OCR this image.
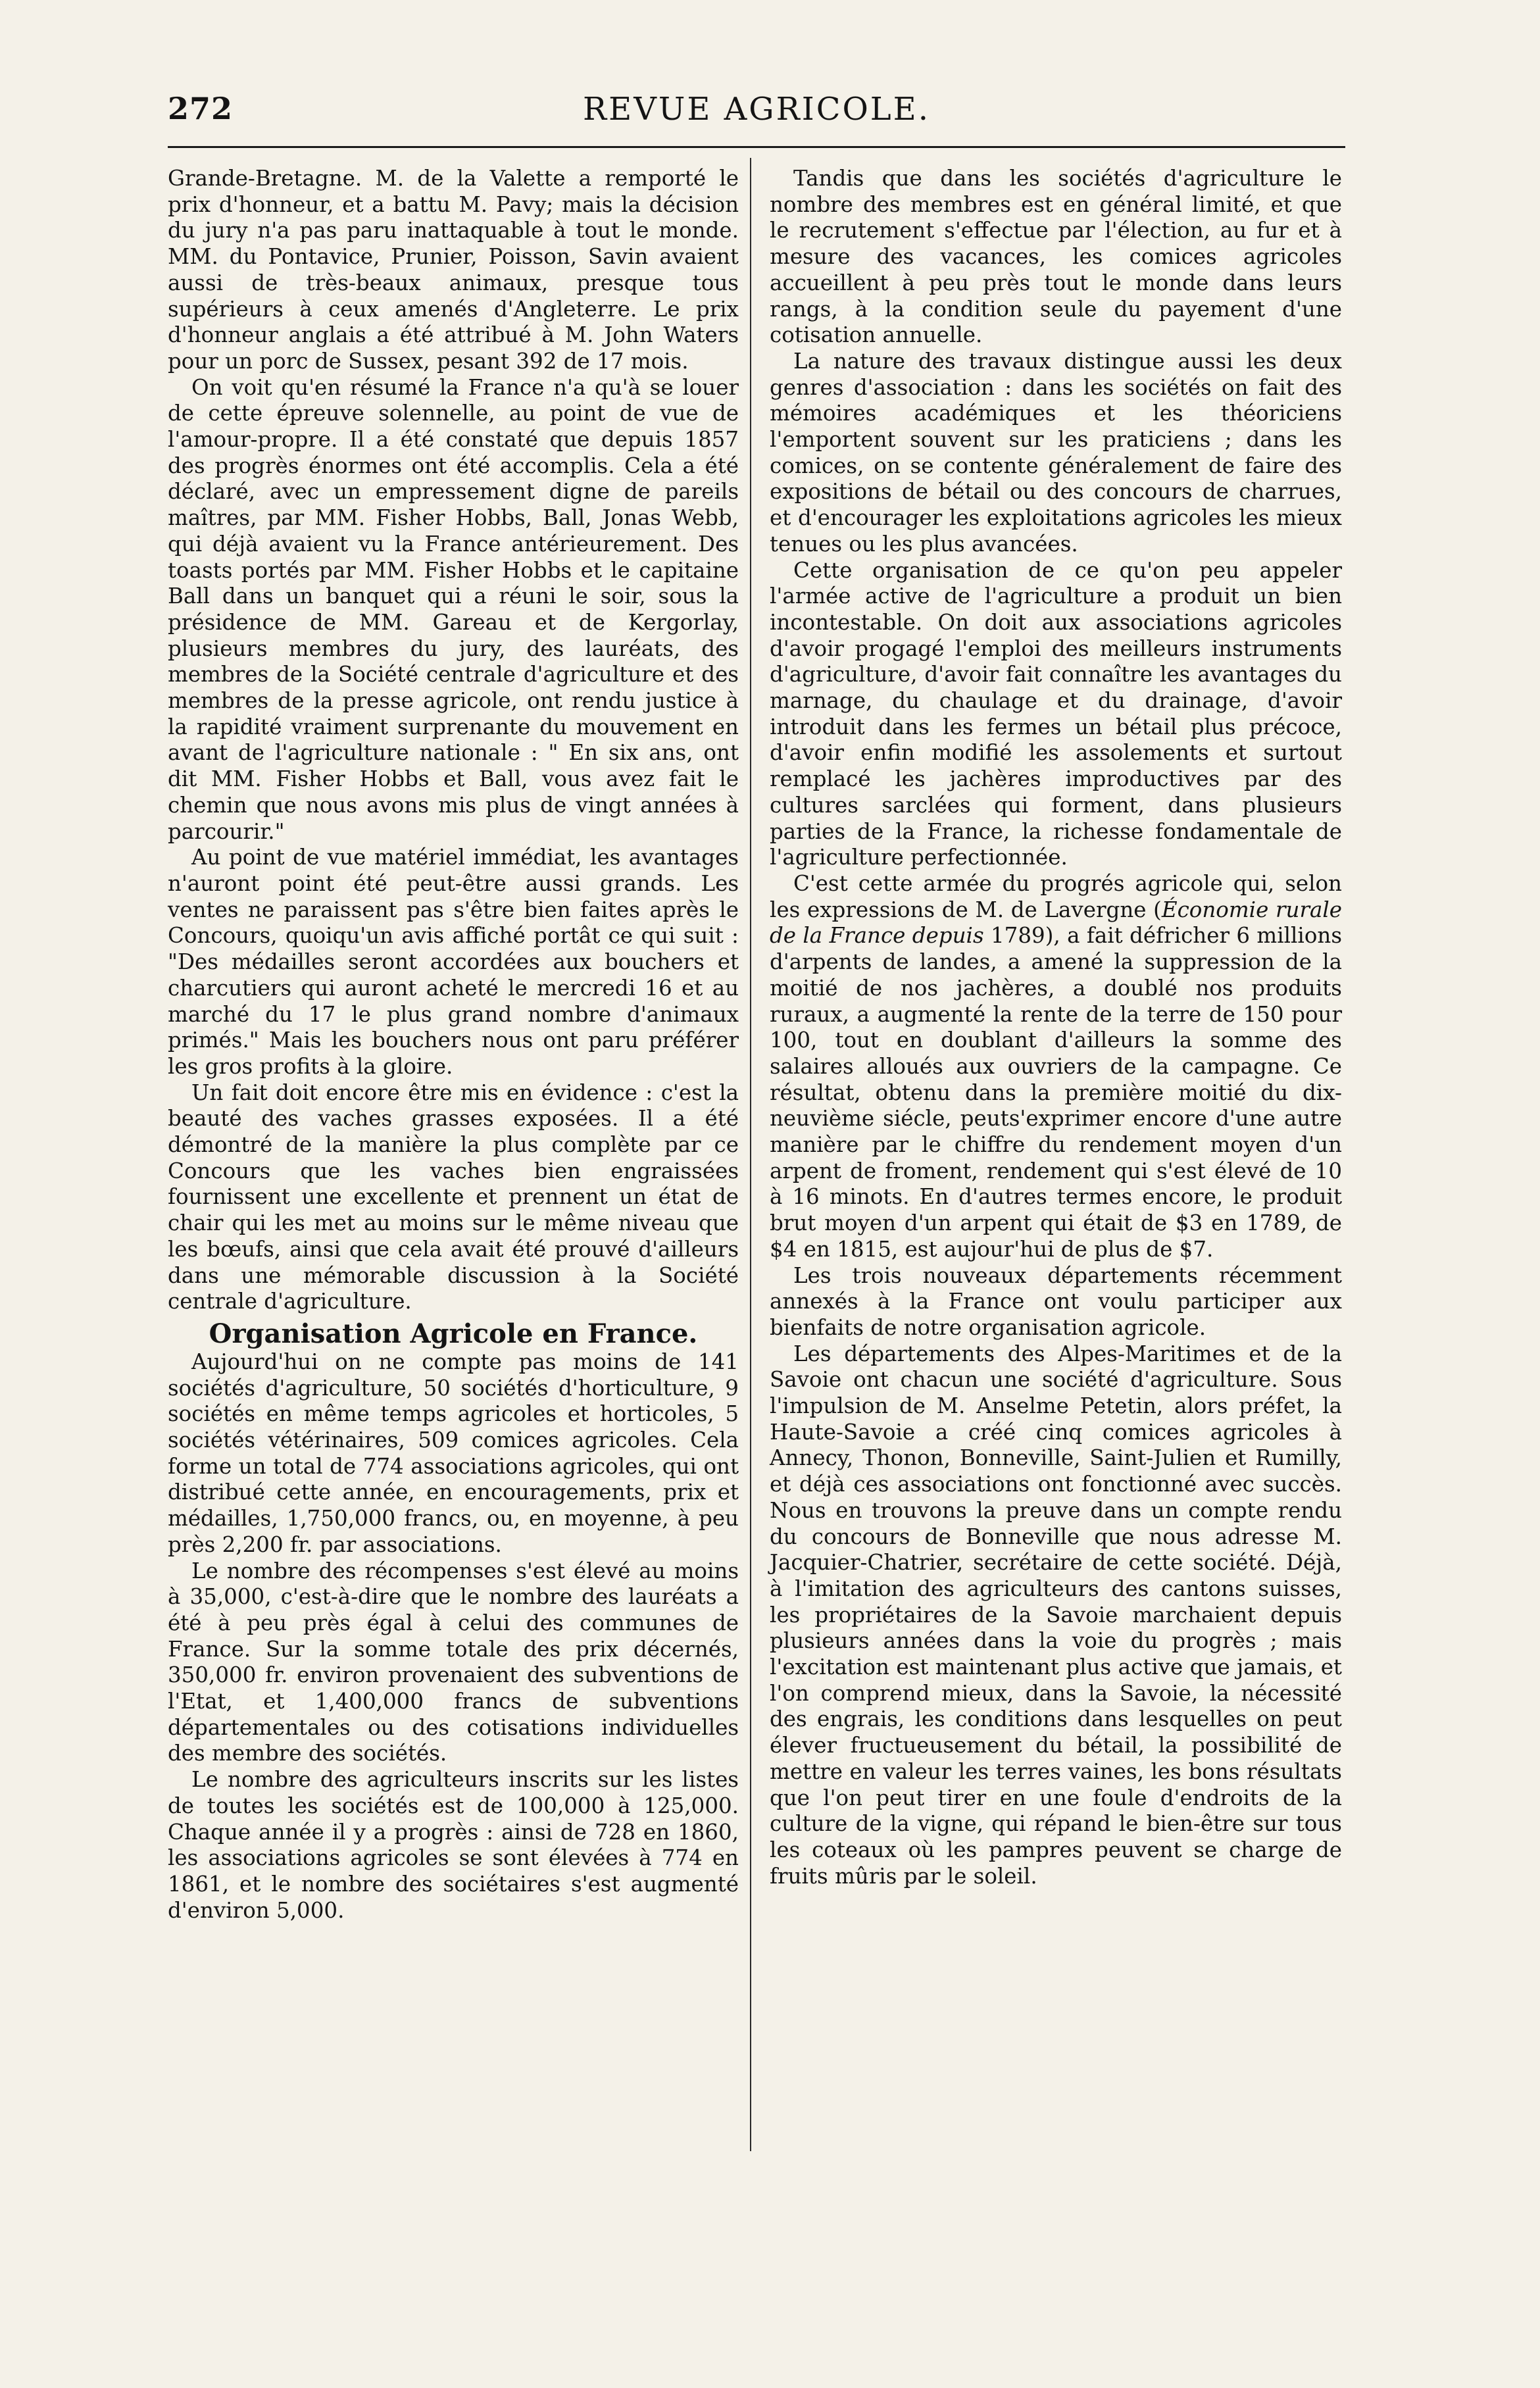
272	REVUE AGRICOLE.

Grande-Bretagne. M. de la Valette a remporté le prix d'honneur, et a battu M. Pavy; mais la décision du jury n'a pas paru inattaquable à tout le monde. MM. du Pontavice, Prunier, Poisson, Savin avaient aussi de très-beaux animaux, presque tous supérieurs à ceux amenés d'Angleterre. Le prix d'honneur anglais a été attribué à M. John Waters pour un porc de Sussex, pesant 392 de 17 mois.

On voit qu'en résumé la France n'a qu'à se louer de cette épreuve solennelle, au point de vue de l'amour-propre. Il a été constaté que depuis 1857 des progrès énormes ont été accomplis. Cela a été déclaré, avec un empressement digne de pareils maîtres, par MM. Fisher Hobbs, Ball, Jonas Webb, qui déjà avaient vu la France antérieurement. Des toasts portés par MM. Fisher Hobbs et le capitaine Ball dans un banquet qui a réuni le soir, sous la présidence de MM. Gareau et de Kergorlay, plusieurs membres du jury, des lauréats, des membres de la Société centrale d'agriculture et des membres de la presse agricole, ont rendu justice à la rapidité vraiment surprenante du mouvement en avant de l'agriculture nationale : " En six ans, ont dit MM. Fisher Hobbs et Ball, vous avez fait le chemin que nous avons mis plus de vingt années à parcourir."

Au point de vue matériel immédiat, les avantages n'auront point été peut-être aussi grands. Les ventes ne paraissent pas s'être bien faites après le Concours, quoiqu'un avis affiché portât ce qui suit : "Des médailles seront accordées aux bouchers et charcutiers qui auront acheté le mercredi 16 et au marché du 17 le plus grand nombre d'animaux primés." Mais les bouchers nous ont paru préférer les gros profits à la gloire.

Un fait doit encore être mis en évidence : c'est la beauté des vaches grasses exposées. Il a été démontré de la manière la plus complète par ce Concours que les vaches bien engraissées fournissent une excellente et prennent un état de chair qui les met au moins sur le même niveau que les bœufs, ainsi que cela avait été prouvé d'ailleurs dans une mémorable discussion à la Société centrale d'agriculture.

Organisation Agricole en France.

Aujourd'hui on ne compte pas moins de 141 sociétés d'agriculture, 50 sociétés d'horticulture, 9 sociétés en même temps agricoles et horticoles, 5 sociétés vétérinaires, 509 comices agricoles. Cela forme un total de 774 associations agricoles, qui ont distribué cette année, en encouragements, prix et médailles, 1,750,000 francs, ou, en moyenne, à peu près 2,200 fr. par associations.

Le nombre des récompenses s'est élevé au moins à 35,000, c'est-à-dire que le nombre des lauréats a été à peu près égal à celui des communes de France. Sur la somme totale des prix décernés, 350,000 fr. environ provenaient des subventions de l'Etat, et 1,400,000 francs de subventions départementales ou des cotisations individuelles des membre des sociétés.

Le nombre des agriculteurs inscrits sur les listes de toutes les sociétés est de 100,000 à 125,000. Chaque année il y a progrès : ainsi de 728 en 1860, les associations agricoles se sont élevées à 774 en 1861, et le nombre des sociétaires s'est augmenté d'environ 5,000.

Tandis que dans les sociétés d'agriculture le nombre des membres est en général limité, et que le recrutement s'effectue par l'élection, au fur et à mesure des vacances, les comices agricoles accueillent à peu près tout le monde dans leurs rangs, à la condition seule du payement d'une cotisation annuelle.

La nature des travaux distingue aussi les deux genres d'association : dans les sociétés on fait des mémoires académiques et les théoriciens l'emportent souvent sur les praticiens ; dans les comices, on se contente généralement de faire des expositions de bétail ou des concours de charrues, et d'encourager les exploitations agricoles les mieux tenues ou les plus avancées.

Cette organisation de ce qu'on peu appeler l'armée active de l'agriculture a produit un bien incontestable. On doit aux associations agricoles d'avoir progagé l'emploi des meilleurs instruments d'agriculture, d'avoir fait connaître les avantages du marnage, du chaulage et du drainage, d'avoir introduit dans les fermes un bétail plus précoce, d'avoir enfin modifié les assolements et surtout remplacé les jachères improductives par des cultures sarclées qui forment, dans plusieurs parties de la France, la richesse fondamentale de l'agriculture perfectionnée.

C'est cette armée du progrés agricole qui, selon les expressions de M. de Lavergne (Économie rurale de la France depuis 1789), a fait défricher 6 millions d'arpents de landes, a amené la suppression de la moitié de nos jachères, a doublé nos produits ruraux, a augmenté la rente de la terre de 150 pour 100, tout en doublant d'ailleurs la somme des salaires alloués aux ouvriers de la campagne. Ce résultat, obtenu dans la première moitié du dix-neuvième siécle, peuts'exprimer encore d'une autre manière par le chiffre du rendement moyen d'un arpent de froment, rendement qui s'est élevé de 10 à 16 minots. En d'autres termes encore, le produit brut moyen d'un arpent qui était de $3 en 1789, de $4 en 1815, est aujour'hui de plus de $7.

Les trois nouveaux départements récemment annexés à la France ont voulu participer aux bienfaits de notre organisation agricole.

Les départements des Alpes-Maritimes et de la Savoie ont chacun une société d'agriculture. Sous l'impulsion de M. Anselme Petetin, alors préfet, la Haute-Savoie a créé cinq comices agricoles à Annecy, Thonon, Bonneville, Saint-Julien et Rumilly, et déjà ces associations ont fonctionné avec succès. Nous en trouvons la preuve dans un compte rendu du concours de Bonneville que nous adresse M. Jacquier-Chatrier, secrétaire de cette société. Déjà, à l'imitation des agriculteurs des cantons suisses, les propriétaires de la Savoie marchaient depuis plusieurs années dans la voie du progrès ; mais l'excitation est maintenant plus active que jamais, et l'on comprend mieux, dans la Savoie, la nécessité des engrais, les conditions dans lesquelles on peut élever fructueusement du bétail, la possibilité de mettre en valeur les terres vaines, les bons résultats que l'on peut tirer en une foule d'endroits de la culture de la vigne, qui répand le bien-être sur tous les coteaux où les pampres peuvent se charge de fruits mûris par le soleil.
